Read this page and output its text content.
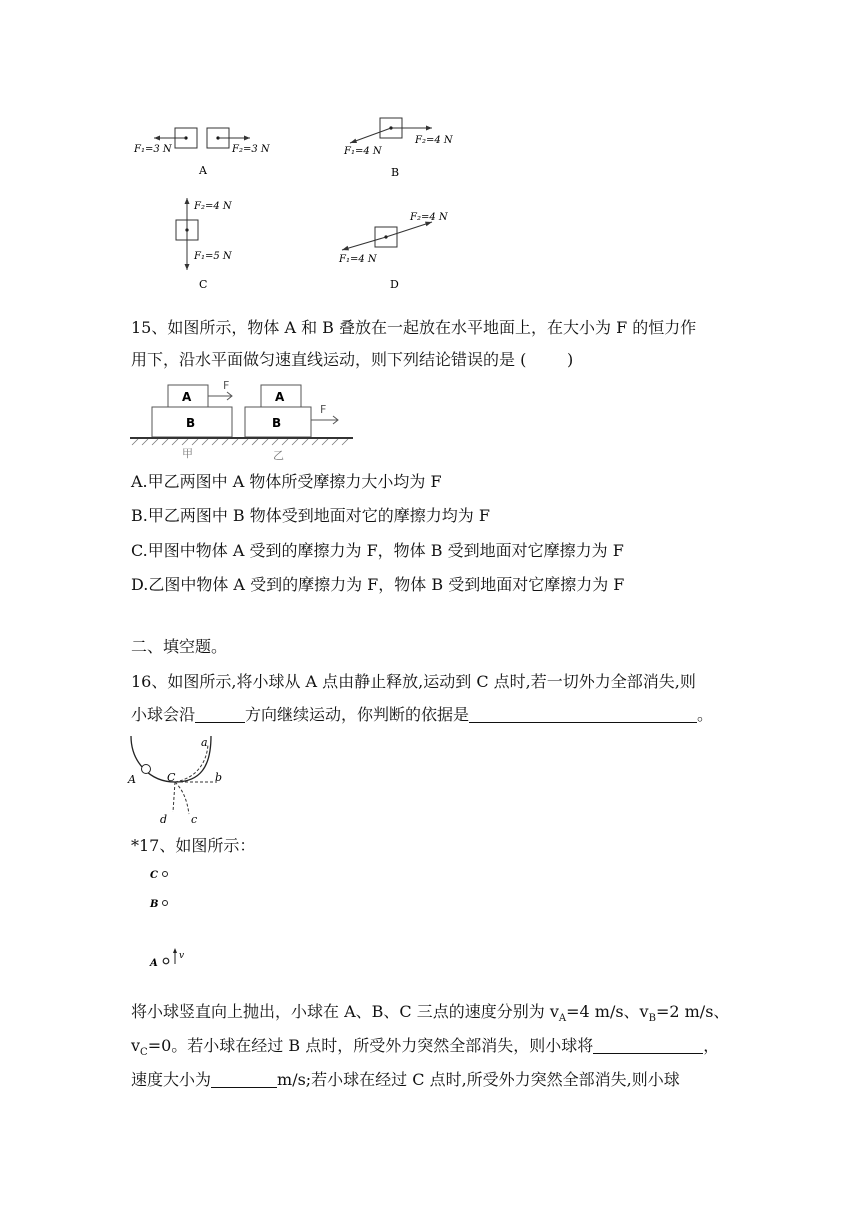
F₁=3 N	F₂=3 N
A
F₁=4 N
F₂=4 N
B
F₂=4 N
F₁=5 N
C
F₂=4 N
F₁=4 N
D
15、如图所示，物体 A 和 B 叠放在一起放在水平地面上，在大小为 F 的恒力作
用下，沿水平面做匀速直线运动，则下列结论错误的是 (        )
A
F
B
A
B
F
甲	乙
A.甲乙两图中 A 物体所受摩擦力大小均为 F
B.甲乙两图中 B 物体受到地面对它的摩擦力均为 F
C.甲图中物体 A 受到的摩擦力为 F，物体 B 受到地面对它摩擦力为 F
D.乙图中物体 A 受到的摩擦力为 F，物体 B 受到地面对它摩擦力为 F
二、填空题。
16、如图所示,将小球从 A 点由静止释放,运动到 C 点时,若一切外力全部消失,则
小球会沿	方向继续运动，你判断的依据是	。
a
b
c
d
A	C
*17、如图所示：
C
B
A
v
将小球竖直向上抛出，小球在 A、B、C 三点的速度分别为 $v_A=4$ m/s、$v_B=2$ m/s、
$v_C=0$。若小球在经过 B 点时，所受外力突然全部消失，则小球将	，
速度大小为	m/s;若小球在经过 C 点时,所受外力突然全部消失,则小球
